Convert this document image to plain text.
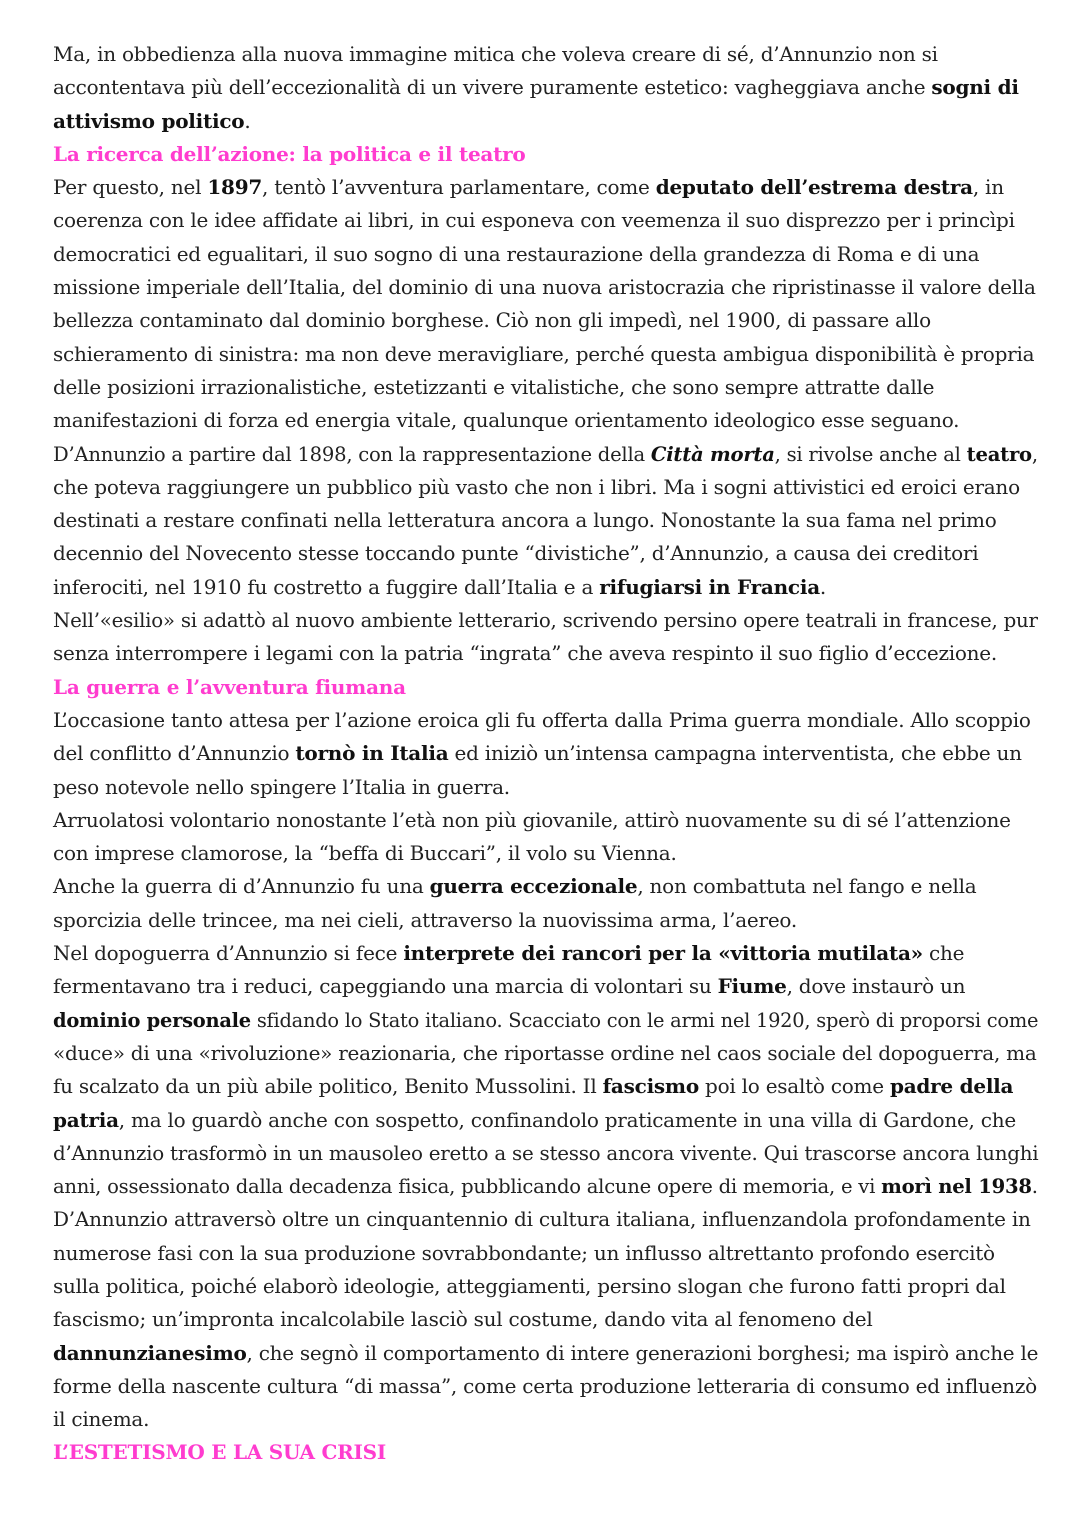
Ma, in obbedienza alla nuova immagine mitica che voleva creare di sé, d’Annunzio non si
accontentava più dell’eccezionalità di un vivere puramente estetico: vagheggiava anche sogni di
attivismo politico.
La ricerca dell’azione: la politica e il teatro
Per questo, nel 1897, tentò l’avventura parlamentare, come deputato dell’estrema destra, in
coerenza con le idee affidate ai libri, in cui esponeva con veemenza il suo disprezzo per i princìpi
democratici ed egualitari, il suo sogno di una restaurazione della grandezza di Roma e di una
missione imperiale dell’Italia, del dominio di una nuova aristocrazia che ripristinasse il valore della
bellezza contaminato dal dominio borghese. Ciò non gli impedì, nel 1900, di passare allo
schieramento di sinistra: ma non deve meravigliare, perché questa ambigua disponibilità è propria
delle posizioni irrazionalistiche, estetizzanti e vitalistiche, che sono sempre attratte dalle
manifestazioni di forza ed energia vitale, qualunque orientamento ideologico esse seguano.
D’Annunzio a partire dal 1898, con la rappresentazione della Città morta, si rivolse anche al teatro,
che poteva raggiungere un pubblico più vasto che non i libri. Ma i sogni attivistici ed eroici erano
destinati a restare confinati nella letteratura ancora a lungo. Nonostante la sua fama nel primo
decennio del Novecento stesse toccando punte “divistiche”, d’Annunzio, a causa dei creditori
inferociti, nel 1910 fu costretto a fuggire dall’Italia e a rifugiarsi in Francia.
Nell’«esilio» si adattò al nuovo ambiente letterario, scrivendo persino opere teatrali in francese, pur
senza interrompere i legami con la patria “ingrata” che aveva respinto il suo figlio d’eccezione.
La guerra e l’avventura fiumana
L’occasione tanto attesa per l’azione eroica gli fu offerta dalla Prima guerra mondiale. Allo scoppio
del conflitto d’Annunzio tornò in Italia ed iniziò un’intensa campagna interventista, che ebbe un
peso notevole nello spingere l’Italia in guerra.
Arruolatosi volontario nonostante l’età non più giovanile, attirò nuovamente su di sé l’attenzione
con imprese clamorose, la “beffa di Buccari”, il volo su Vienna.
Anche la guerra di d’Annunzio fu una guerra eccezionale, non combattuta nel fango e nella
sporcizia delle trincee, ma nei cieli, attraverso la nuovissima arma, l’aereo.
Nel dopoguerra d’Annunzio si fece interprete dei rancori per la «vittoria mutilata» che
fermentavano tra i reduci, capeggiando una marcia di volontari su Fiume, dove instaurò un
dominio personale sfidando lo Stato italiano. Scacciato con le armi nel 1920, sperò di proporsi come
«duce» di una «rivoluzione» reazionaria, che riportasse ordine nel caos sociale del dopoguerra, ma
fu scalzato da un più abile politico, Benito Mussolini. Il fascismo poi lo esaltò come padre della
patria, ma lo guardò anche con sospetto, confinandolo praticamente in una villa di Gardone, che
d’Annunzio trasformò in un mausoleo eretto a se stesso ancora vivente. Qui trascorse ancora lunghi
anni, ossessionato dalla decadenza fisica, pubblicando alcune opere di memoria, e vi morì nel 1938.
D’Annunzio attraversò oltre un cinquantennio di cultura italiana, influenzandola profondamente in
numerose fasi con la sua produzione sovrabbondante; un influsso altrettanto profondo esercitò
sulla politica, poiché elaborò ideologie, atteggiamenti, persino slogan che furono fatti propri dal
fascismo; un’impronta incalcolabile lasciò sul costume, dando vita al fenomeno del
dannunzianesimo, che segnò il comportamento di intere generazioni borghesi; ma ispirò anche le
forme della nascente cultura “di massa”, come certa produzione letteraria di consumo ed influenzò
il cinema.
L’ESTETISMO E LA SUA CRISI
